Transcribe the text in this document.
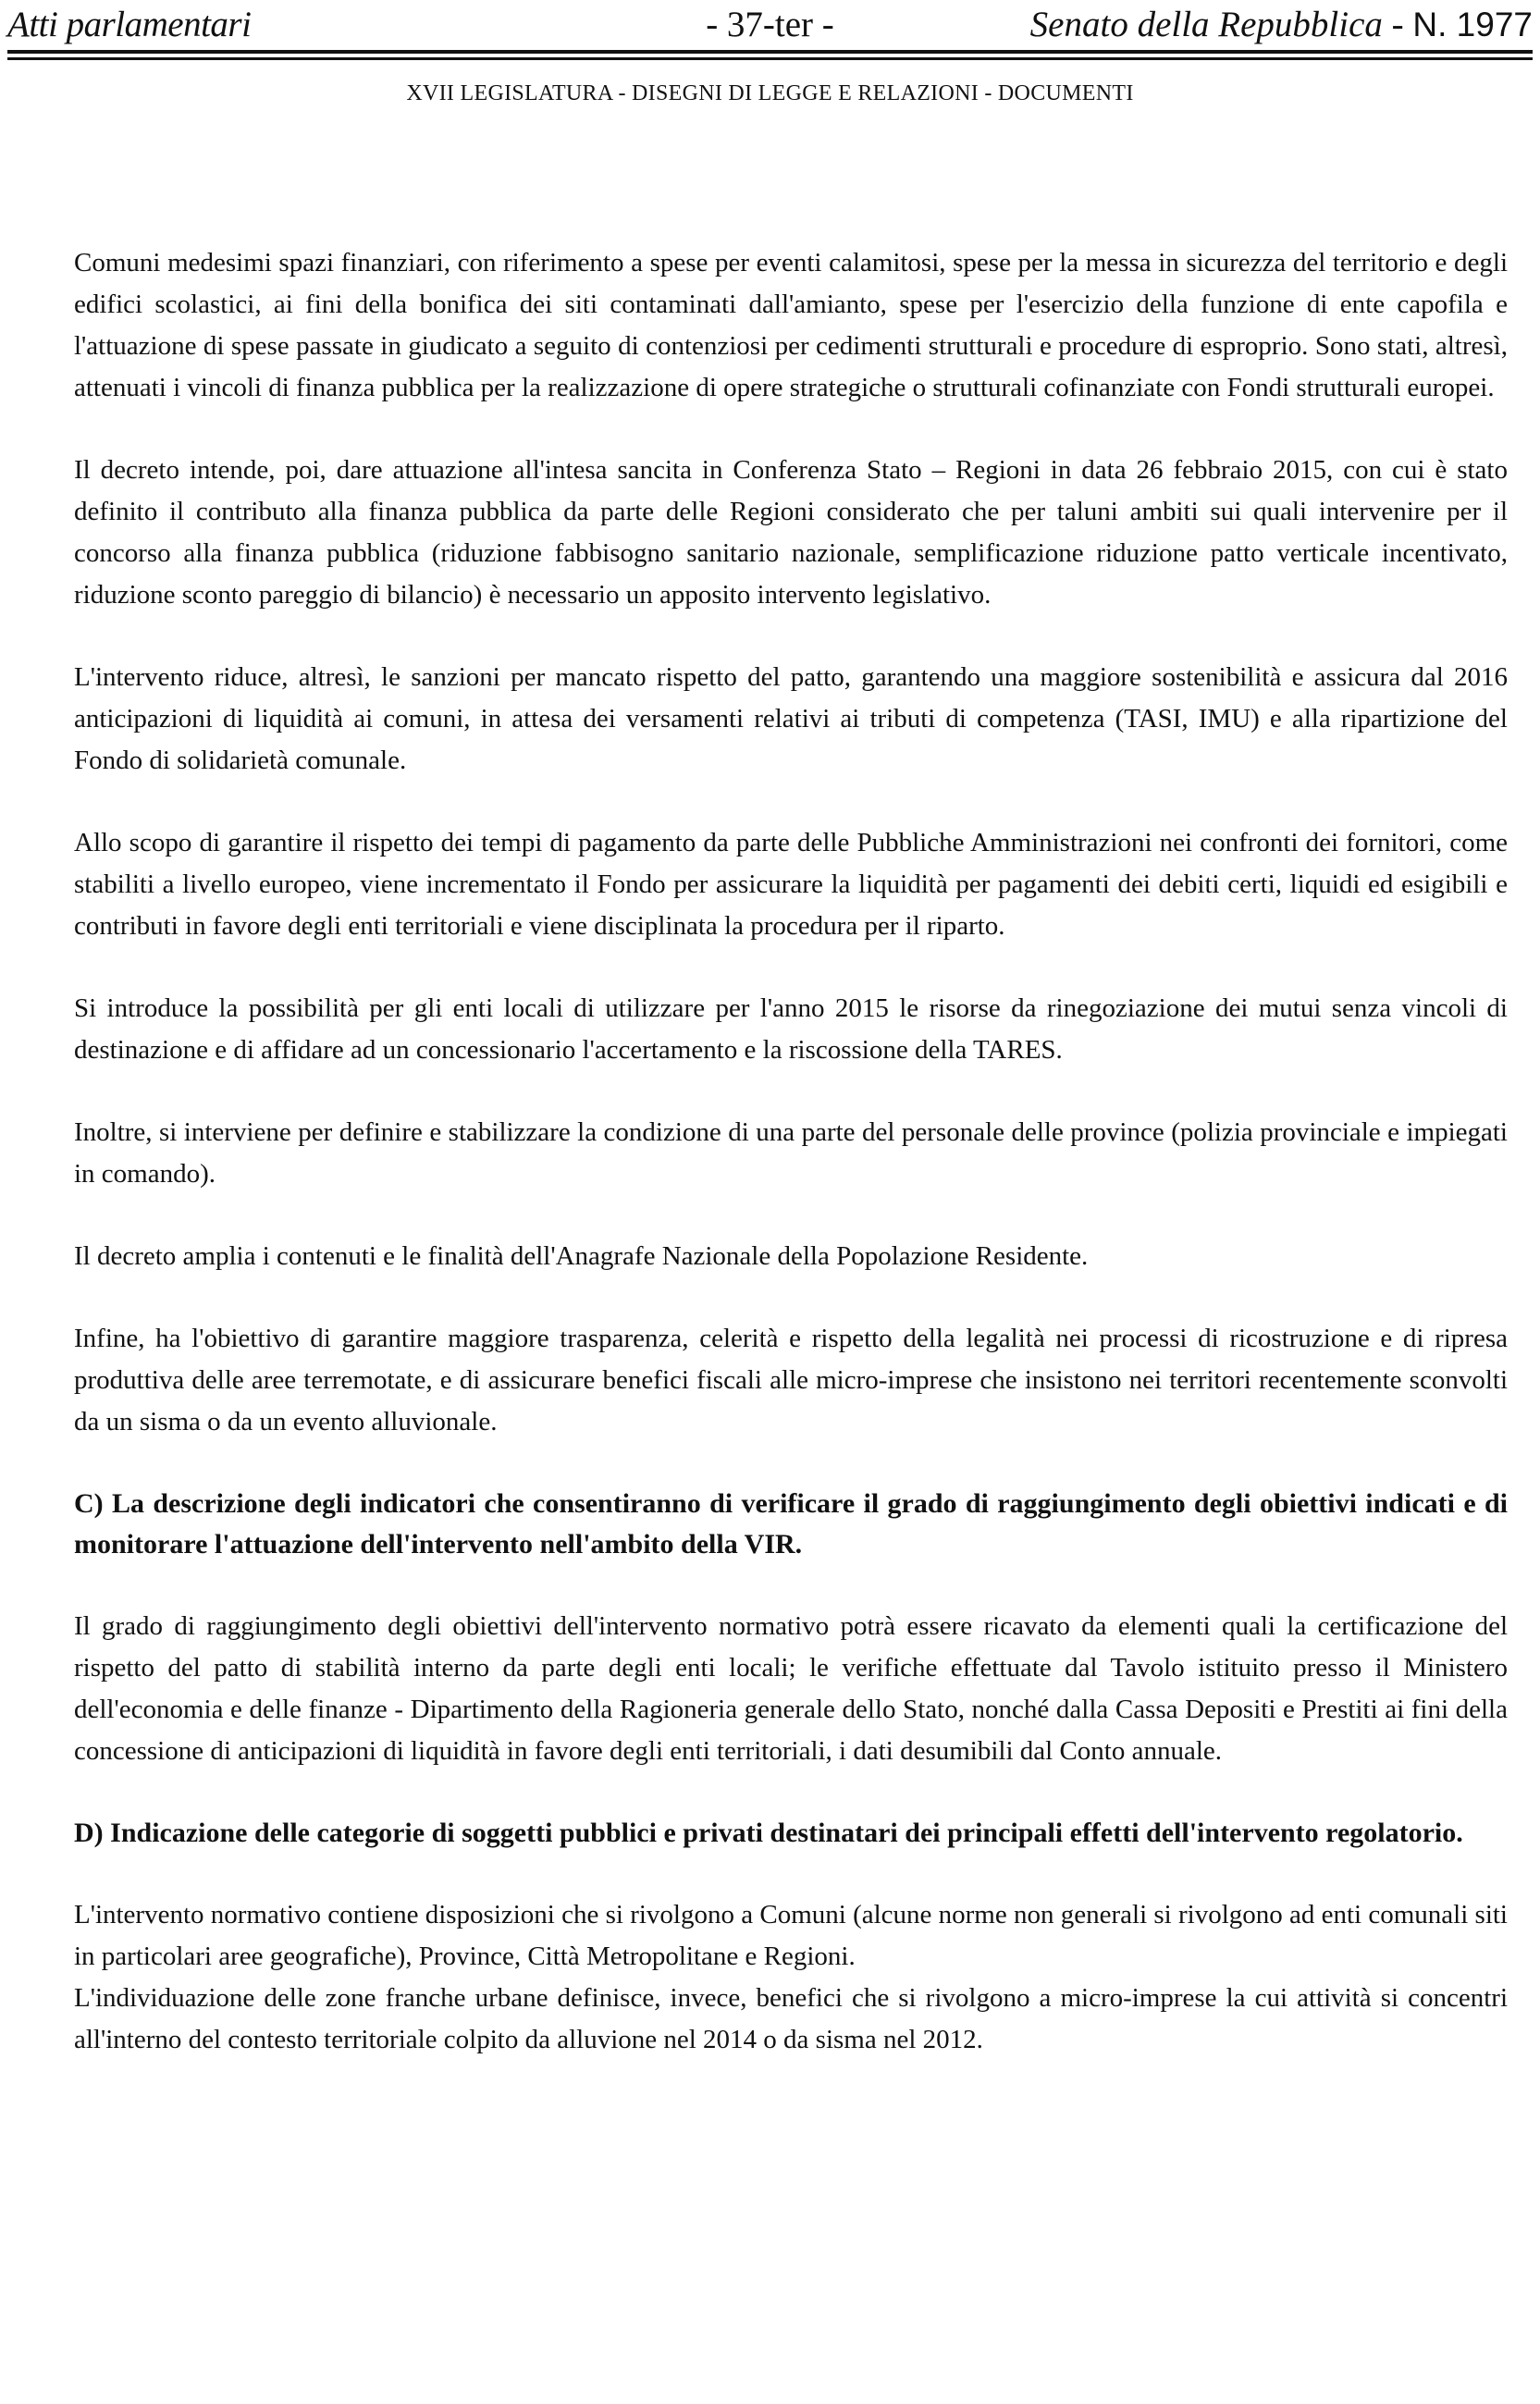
Atti parlamentari	- 37-ter -	Senato della Repubblica - N. 1977
XVII LEGISLATURA - DISEGNI DI LEGGE E RELAZIONI - DOCUMENTI

Comuni medesimi spazi finanziari, con riferimento a spese per eventi calamitosi, spese per la messa in sicurezza del territorio e degli edifici scolastici, ai fini della bonifica dei siti contaminati dall'amianto, spese per l'esercizio della funzione di ente capofila e l'attuazione di spese passate in giudicato a seguito di contenziosi per cedimenti strutturali e procedure di esproprio. Sono stati, altresì, attenuati i vincoli di finanza pubblica per la realizzazione di opere strategiche o strutturali cofinanziate con Fondi strutturali europei.

Il decreto intende, poi, dare attuazione all'intesa sancita in Conferenza Stato – Regioni in data 26 febbraio 2015, con cui è stato definito il contributo alla finanza pubblica da parte delle Regioni considerato che per taluni ambiti sui quali intervenire per il concorso alla finanza pubblica (riduzione fabbisogno sanitario nazionale, semplificazione riduzione patto verticale incentivato, riduzione sconto pareggio di bilancio) è necessario un apposito intervento legislativo.

L'intervento riduce, altresì, le sanzioni per mancato rispetto del patto, garantendo una maggiore sostenibilità e assicura dal 2016 anticipazioni di liquidità ai comuni, in attesa dei versamenti relativi ai tributi di competenza (TASI, IMU) e alla ripartizione del Fondo di solidarietà comunale.

Allo scopo di garantire il rispetto dei tempi di pagamento da parte delle Pubbliche Amministrazioni nei confronti dei fornitori, come stabiliti a livello europeo, viene incrementato il Fondo per assicurare la liquidità per pagamenti dei debiti certi, liquidi ed esigibili e contributi in favore degli enti territoriali e viene disciplinata la procedura per il riparto.

Si introduce la possibilità per gli enti locali di utilizzare per l'anno 2015 le risorse da rinegoziazione dei mutui senza vincoli di destinazione e di affidare ad un concessionario l'accertamento e la riscossione della TARES.

Inoltre, si interviene per definire e stabilizzare la condizione di una parte del personale delle province (polizia provinciale e impiegati in comando).

Il decreto amplia i contenuti e le finalità dell'Anagrafe Nazionale della Popolazione Residente.

Infine, ha l'obiettivo di garantire maggiore trasparenza, celerità e rispetto della legalità nei processi di ricostruzione e di ripresa produttiva delle aree terremotate, e di assicurare benefici fiscali alle micro-imprese che insistono nei territori recentemente sconvolti da un sisma o da un evento alluvionale.

C) La descrizione degli indicatori che consentiranno di verificare il grado di raggiungimento degli obiettivi indicati e di monitorare l'attuazione dell'intervento nell'ambito della VIR.

Il grado di raggiungimento degli obiettivi dell'intervento normativo potrà essere ricavato da elementi quali la certificazione del rispetto del patto di stabilità interno da parte degli enti locali; le verifiche effettuate dal Tavolo istituito presso il Ministero dell'economia e delle finanze - Dipartimento della Ragioneria generale dello Stato, nonché dalla Cassa Depositi e Prestiti ai fini della concessione di anticipazioni di liquidità in favore degli enti territoriali, i dati desumibili dal Conto annuale.

D) Indicazione delle categorie di soggetti pubblici e privati destinatari dei principali effetti dell'intervento regolatorio.

L'intervento normativo contiene disposizioni che si rivolgono a Comuni (alcune norme non generali si rivolgono ad enti comunali siti in particolari aree geografiche), Province, Città Metropolitane e Regioni.

L'individuazione delle zone franche urbane definisce, invece, benefici che si rivolgono a micro-imprese la cui attività si concentri all'interno del contesto territoriale colpito da alluvione nel 2014 o da sisma nel 2012.
